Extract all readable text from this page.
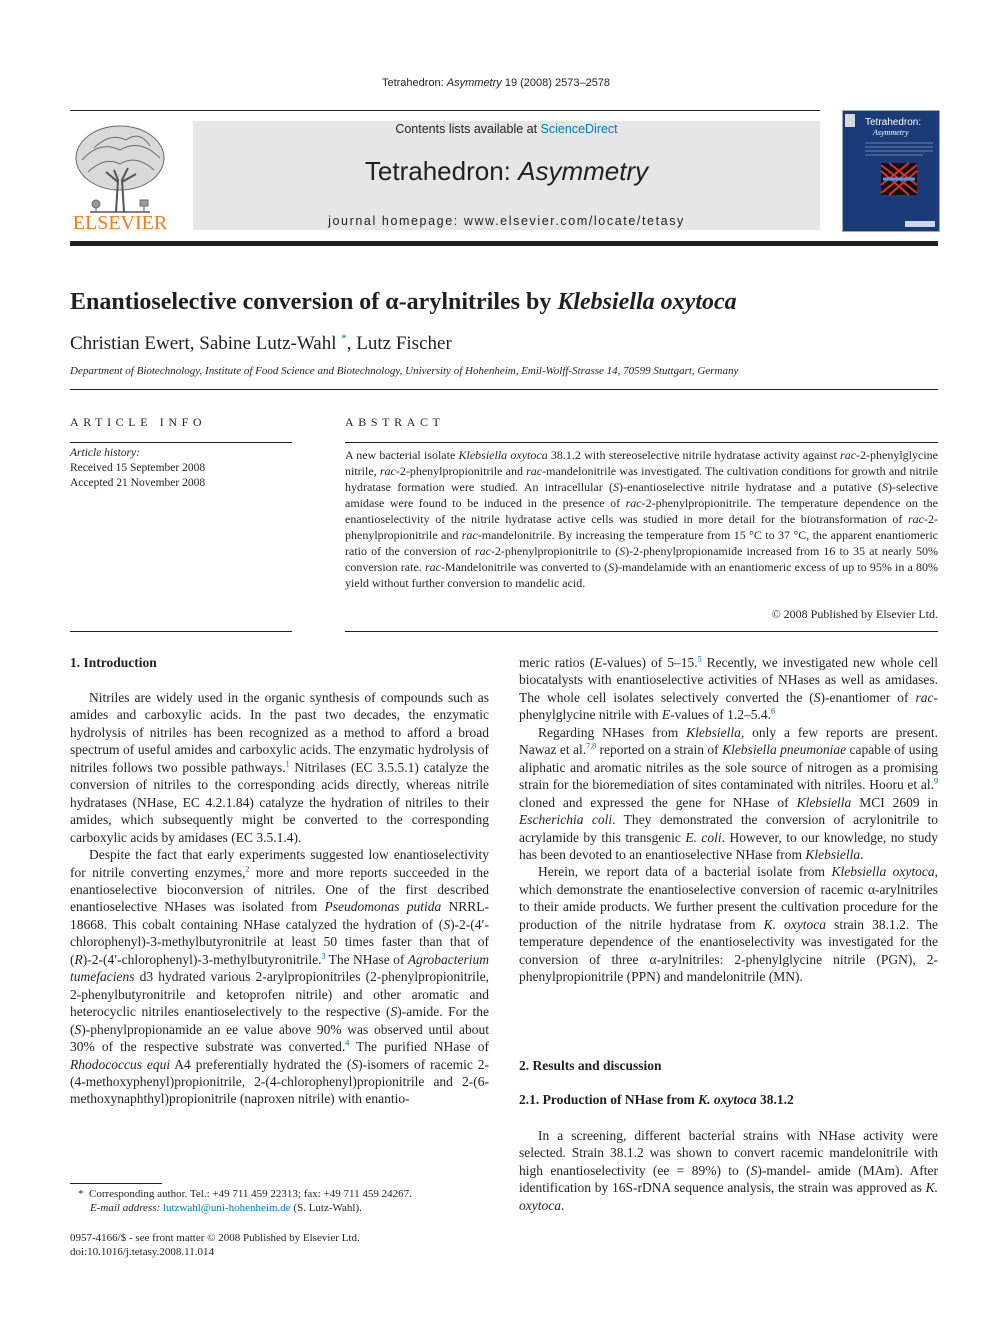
Tetrahedron: Asymmetry 19 (2008) 2573–2578
ELSEVIER
Contents lists available at ScienceDirect
Tetrahedron: Asymmetry
journal homepage: www.elsevier.com/locate/tetasy
Tetrahedron:
Asymmetry
Enantioselective conversion of α-arylnitriles by Klebsiella oxytoca
Christian Ewert, Sabine Lutz-Wahl *, Lutz Fischer
Department of Biotechnology, Institute of Food Science and Biotechnology, University of Hohenheim, Emil-Wolff-Strasse 14, 70599 Stuttgart, Germany
ARTICLE INFO
Article history:
Received 15 September 2008
Accepted 21 November 2008
ABSTRACT
A new bacterial isolate Klebsiella oxytoca 38.1.2 with stereoselective nitrile hydratase activity against rac-2-phenylglycine nitrile, rac-2-phenylpropionitrile and rac-mandelonitrile was investigated. The cultivation conditions for growth and nitrile hydratase formation were studied. An intracellular (S)-enantioselective nitrile hydratase and a putative (S)-selective amidase were found to be induced in the presence of rac-2-phenylpropionitrile. The temperature dependence on the enantioselectivity of the nitrile hydratase active cells was studied in more detail for the biotransformation of rac-2-phenylpropionitrile and rac-mandelonitrile. By increasing the temperature from 15 °C to 37 °C, the apparent enantiomeric ratio of the conversion of rac-2-phenylpropionitrile to (S)-2-phenylpropionamide increased from 16 to 35 at nearly 50% conversion rate. rac-Mandelonitrile was converted to (S)-mandelamide with an enantiomeric excess of up to 95% in a 80% yield without further conversion to mandelic acid.
© 2008 Published by Elsevier Ltd.
1. Introduction
2. Results and discussion
2.1. Production of NHase from K. oxytoca 38.1.2

Nitriles are widely used in the organic synthesis of compounds such as amides and carboxylic acids. In the past two decades, the enzymatic hydrolysis of nitriles has been recognized as a method to afford a broad spectrum of useful amides and carboxylic acids. The enzymatic hydrolysis of nitriles follows two possible pathways.$^1$ Nitrilases (EC 3.5.5.1) catalyze the conversion of nitriles to the corresponding acids directly, whereas nitrile hydratases (NHase, EC 4.2.1.84) catalyze the hydration of nitriles to their amides, which subsequently might be converted to the corresponding carboxylic acids by amidases (EC 3.5.1.4).

Despite the fact that early experiments suggested low enantioselectivity for nitrile converting enzymes,$^2$ more and more reports succeeded in the enantioselective bioconversion of nitriles. One of the first described enantioselective NHases was isolated from Pseudomonas putida NRRL-18668. This cobalt containing NHase catalyzed the hydration of (S)-2-(4′-chlorophenyl)-3-methylbutyronitrile at least 50 times faster than that of (R)-2-(4′-chlorophenyl)-3-methylbutyronitrile.$^3$ The NHase of Agrobacterium tumefaciens d3 hydrated various 2-arylpropionitriles (2-phenylpropionitrile, 2-phenylbutyronitrile and ketoprofen nitrile) and other aromatic and heterocyclic nitriles enantioselectively to the respective (S)-amide. For the (S)-phenylpropionamide an ee value above 90% was observed until about 30% of the respective substrate was converted.$^4$ The purified NHase of Rhodococcus equi A4 preferentially hydrated the (S)-isomers of racemic 2-(4-methoxyphenyl)propionitrile, 2-(4-chlorophenyl)propionitrile and 2-(6-methoxynaphthyl)propionitrile (naproxen nitrile) with enantio-

meric ratios (E-values) of 5–15.$^5$ Recently, we investigated new whole cell biocatalysts with enantioselective activities of NHases as well as amidases. The whole cell isolates selectively converted the (S)-enantiomer of rac-phenylglycine nitrile with E-values of 1.2–5.4.$^6$

Regarding NHases from Klebsiella, only a few reports are present. Nawaz et al.$^{7,8}$ reported on a strain of Klebsiella pneumoniae capable of using aliphatic and aromatic nitriles as the sole source of nitrogen as a promising strain for the bioremediation of sites contaminated with nitriles. Hooru et al.$^9$ cloned and expressed the gene for NHase of Klebsiella MCI 2609 in Escherichia coli. They demonstrated the conversion of acrylonitrile to acrylamide by this transgenic E. coli. However, to our knowledge, no study has been devoted to an enantioselective NHase from Klebsiella.

Herein, we report data of a bacterial isolate from Klebsiella oxytoca, which demonstrate the enantioselective conversion of racemic α-arylnitriles to their amide products. We further present the cultivation procedure for the production of the nitrile hydratase from K. oxytoca strain 38.1.2. The temperature dependence of the enantioselectivity was investigated for the conversion of three α-arylnitriles: 2-phenylglycine nitrile (PGN), 2-phenylpropionitrile (PPN) and mandelonitrile (MN).

In a screening, different bacterial strains with NHase activity were selected. Strain 38.1.2 was shown to convert racemic mandelonitrile with high enantioselectivity (ee = 89%) to (S)-mandel- amide (MAm). After identification by 16S-rDNA sequence analysis, the strain was approved as K. oxytoca.

* Corresponding author. Tel.: +49 711 459 22313; fax: +49 711 459 24267.
E-mail address: lutzwahl@uni-hohenheim.de (S. Lutz-Wahl).
0957-4166/$ - see front matter © 2008 Published by Elsevier Ltd.
doi:10.1016/j.tetasy.2008.11.014
